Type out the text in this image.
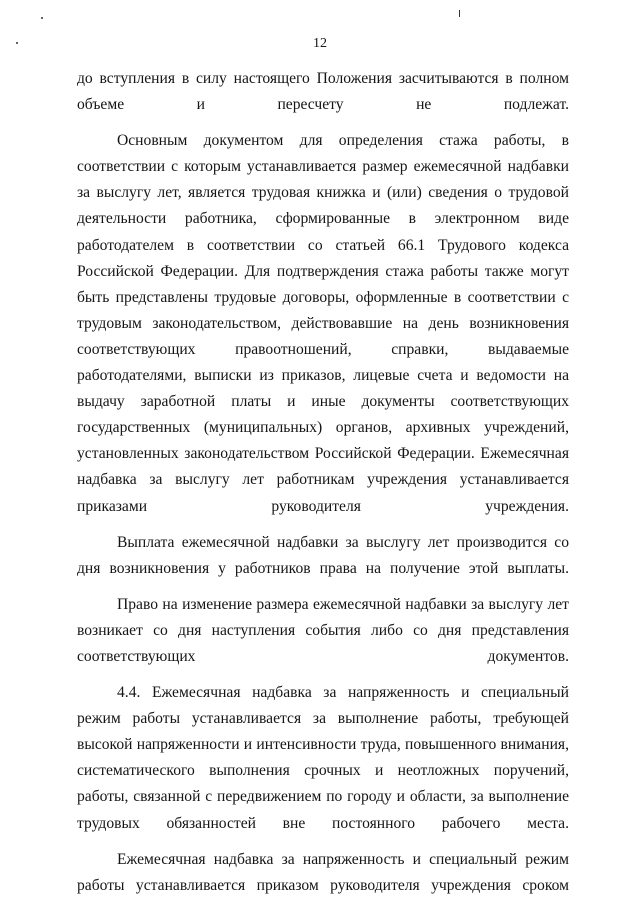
12

до вступления в силу настоящего Положения засчитываются в полном объеме и пересчету не подлежат.

Основным документом для определения стажа работы, в соответствии с которым устанавливается размер ежемесячной надбавки за выслугу лет, является трудовая книжка и (или) сведения о трудовой деятельности работника, сформированные в электронном виде работодателем в соответствии со статьей 66.1 Трудового кодекса Российской Федерации. Для подтверждения стажа работы также могут быть представлены трудовые договоры, оформленные в соответствии с трудовым законодательством, действовавшие на день возникновения соответствующих правоотношений, справки, выдаваемые работодателями, выписки из приказов, лицевые счета и ведомости на выдачу заработной платы и иные документы соответствующих государственных (муниципальных) органов, архивных учреждений, установленных законодательством Российской Федерации. Ежемесячная надбавка за выслугу лет работникам учреждения устанавливается приказами	руководителя учреждения.

Выплата ежемесячной надбавки за выслугу лет производится со дня возникновения у работников права на получение этой выплаты.

Право на изменение размера ежемесячной надбавки за выслугу лет возникает со дня наступления события либо со дня представления соответствующих документов.

4.4. Ежемесячная надбавка за напряженность и специальный режим работы устанавливается за выполнение работы, требующей высокой напряженности и интенсивности труда, повышенного внимания, систематического выполнения срочных и неотложных поручений, работы, связанной с передвижением по городу и области, за выполнение трудовых обязанностей вне постоянного рабочего места.

Ежемесячная надбавка за напряженность и специальный режим работы устанавливается приказом руководителя учреждения сроком
